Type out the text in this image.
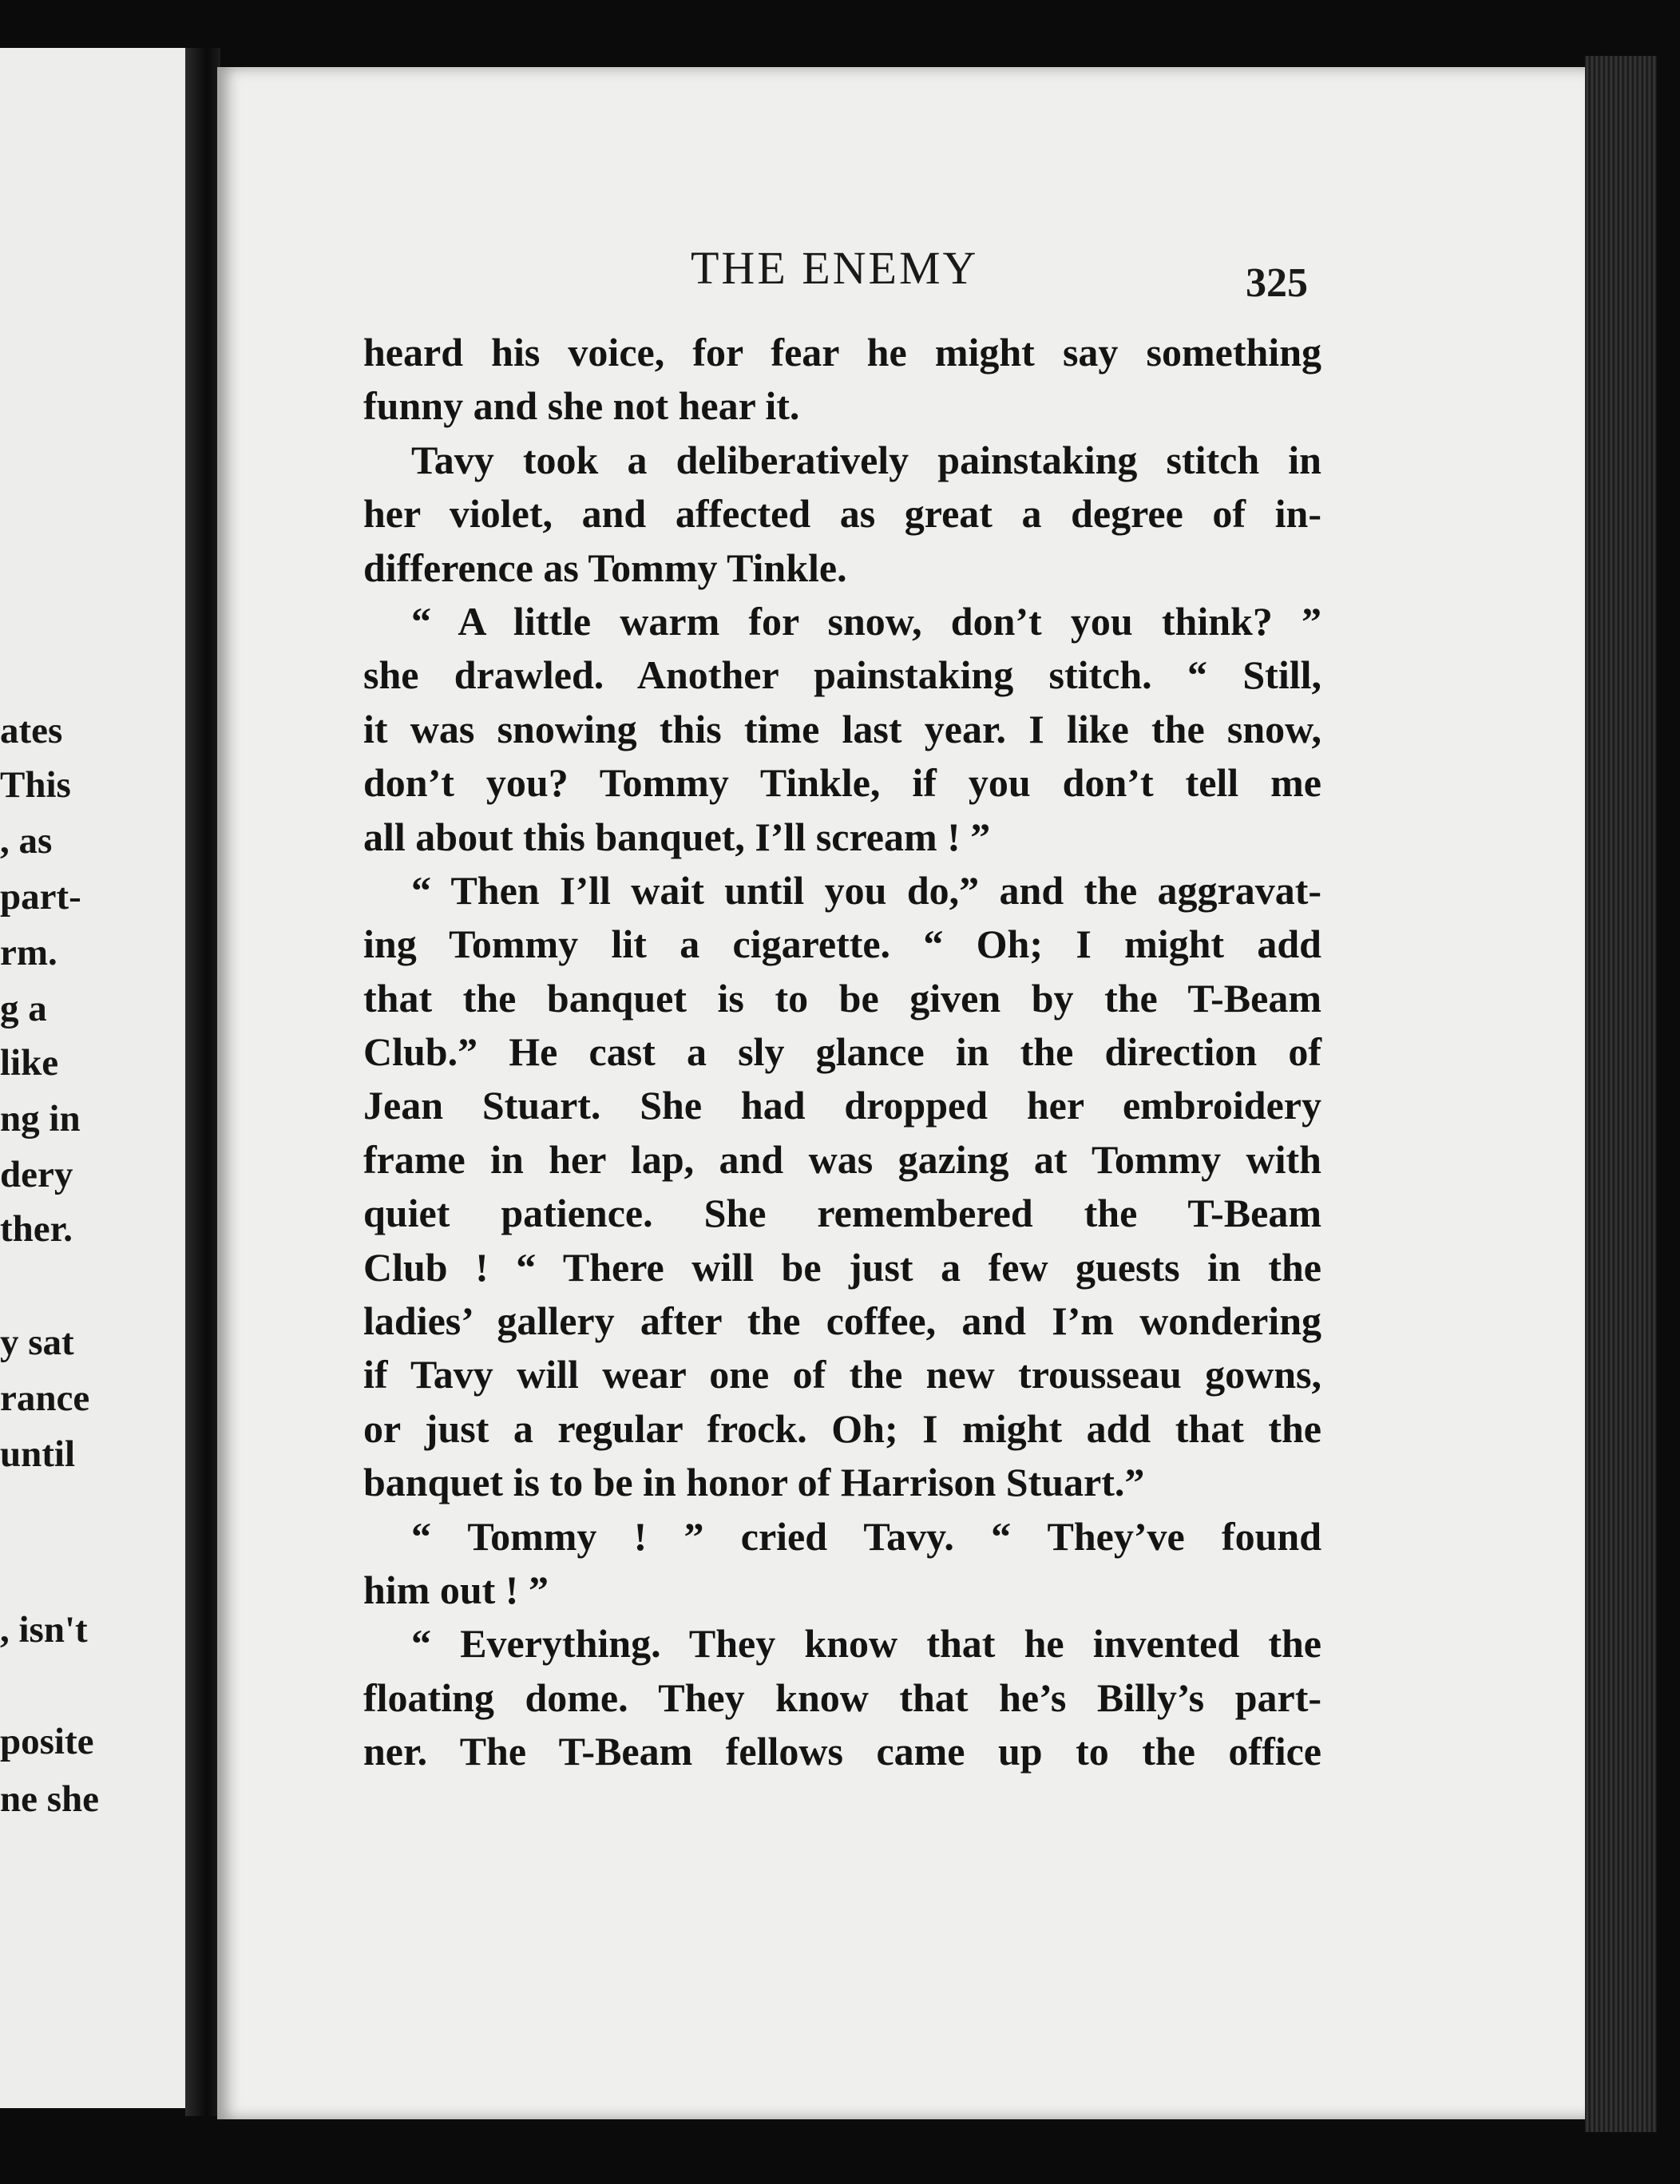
ates
This
, as
part-
rm.
g a
like
ng in
dery
ther.
y sat
rance
until
, isn't
posite
ne she
THE ENEMY	325
heard his voice, for fear he might say something
funny and she not hear it.
Tavy took a deliberatively painstaking stitch in
her violet, and affected as great a degree of in-
difference as Tommy Tinkle.
“ A little warm for snow, don’t you think? ”
she drawled. Another painstaking stitch. “ Still,
it was snowing this time last year. I like the snow,
don’t you? Tommy Tinkle, if you don’t tell me
all about this banquet, I’ll scream ! ”
“ Then I’ll wait until you do,” and the aggravat-
ing Tommy lit a cigarette. “ Oh; I might add
that the banquet is to be given by the T-Beam
Club.” He cast a sly glance in the direction of
Jean Stuart. She had dropped her embroidery
frame in her lap, and was gazing at Tommy with
quiet patience. She remembered the T-Beam
Club ! “ There will be just a few guests in the
ladies’ gallery after the coffee, and I’m wondering
if Tavy will wear one of the new trousseau gowns,
or just a regular frock. Oh; I might add that the
banquet is to be in honor of Harrison Stuart.”
“ Tommy ! ” cried Tavy. “ They’ve found
him out ! ”
“ Everything. They know that he invented the
floating dome. They know that he’s Billy’s part-
ner. The T-Beam fellows came up to the office
